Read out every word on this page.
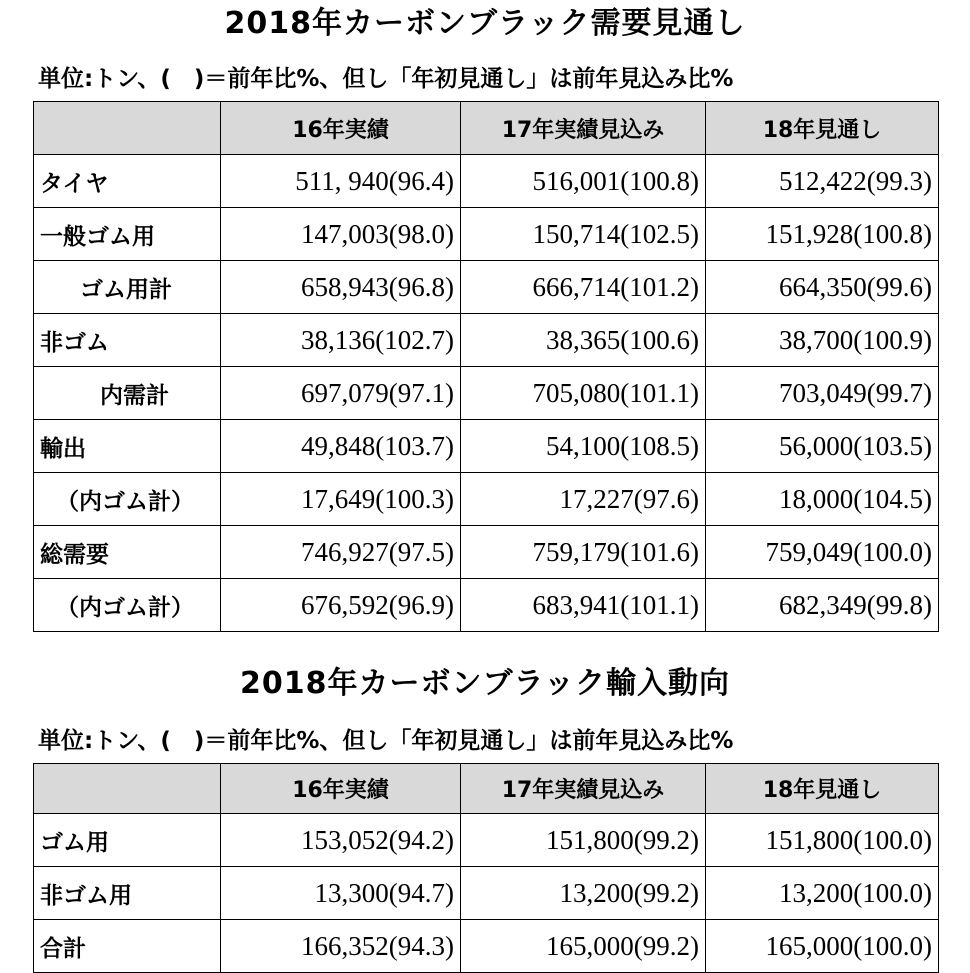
2018年カーボンブラック需要見通し
単位:トン、(　)＝前年比%、但し「年初見通し」は前年見込み比%
	16年実績	17年実績見込み	18年見通し
タイヤ	511, 940(96.4)	516,001(100.8)	512,422(99.3)
一般ゴム用	147,003(98.0)	150,714(102.5)	151,928(100.8)
ゴム用計	658,943(96.8)	666,714(101.2)	664,350(99.6)
非ゴム	38,136(102.7)	38,365(100.6)	38,700(100.9)
内需計	697,079(97.1)	705,080(101.1)	703,049(99.7)
輸出	49,848(103.7)	54,100(108.5)	56,000(103.5)
（内ゴム計）	17,649(100.3)	17,227(97.6)	18,000(104.5)
総需要	746,927(97.5)	759,179(101.6)	759,049(100.0)
（内ゴム計）	676,592(96.9)	683,941(101.1)	682,349(99.8)
2018年カーボンブラック輸入動向
単位:トン、(　)＝前年比%、但し「年初見通し」は前年見込み比%
	16年実績	17年実績見込み	18年見通し
ゴム用	153,052(94.2)	151,800(99.2)	151,800(100.0)
非ゴム用	13,300(94.7)	13,200(99.2)	13,200(100.0)
合計	166,352(94.3)	165,000(99.2)	165,000(100.0)
